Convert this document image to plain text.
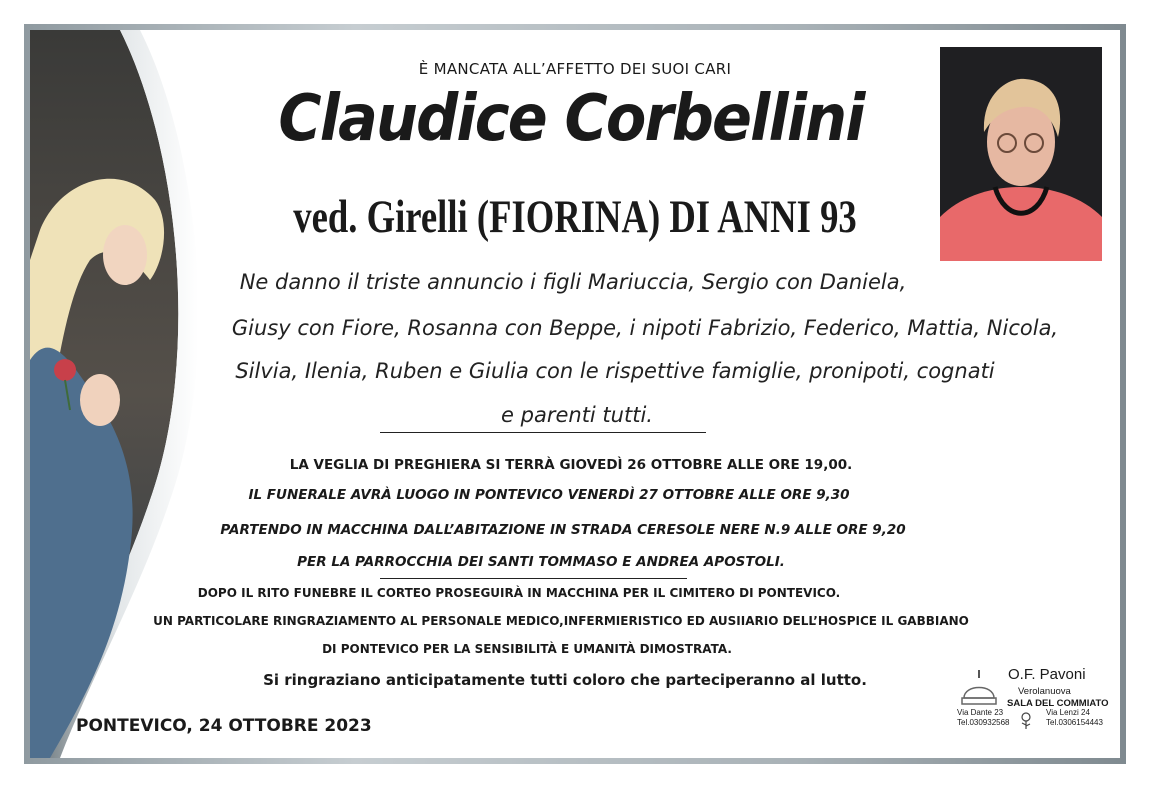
È MANCATA ALL’AFFETTO DEI SUOI CARI
Claudice Corbellini
ved. Girelli (FIORINA) DI ANNI 93
Ne danno il triste annuncio i figli Mariuccia, Sergio con Daniela,
Giusy con Fiore, Rosanna con Beppe, i nipoti Fabrizio, Federico, Mattia, Nicola,
Silvia, Ilenia, Ruben e Giulia con le rispettive famiglie, pronipoti, cognati
e parenti tutti.
LA VEGLIA DI PREGHIERA SI TERRÀ GIOVEDÌ 26 OTTOBRE ALLE ORE 19,00.
IL FUNERALE AVRÀ LUOGO IN PONTEVICO VENERDÌ 27 OTTOBRE ALLE ORE 9,30
PARTENDO IN MACCHINA DALL’ABITAZIONE IN STRADA CERESOLE NERE N.9 ALLE ORE 9,20
PER LA PARROCCHIA DEI SANTI TOMMASO E ANDREA APOSTOLI.
DOPO IL RITO FUNEBRE IL CORTEO PROSEGUIRÀ IN MACCHINA PER IL CIMITERO DI PONTEVICO.
UN PARTICOLARE RINGRAZIAMENTO AL PERSONALE MEDICO,INFERMIERISTICO ED AUSIIARIO DELL’HOSPICE IL GABBIANO
DI PONTEVICO PER LA SENSIBILITÀ E UMANITÀ DIMOSTRATA.
Si ringraziano anticipatamente tutti coloro che parteciperanno al lutto.
PONTEVICO, 24 OTTOBRE 2023
O.F. Pavoni
Verolanuova
SALA DEL COMMIATO
Via Dante 23
Tel.030932568
Via Lenzi 24
Tel.0306154443
